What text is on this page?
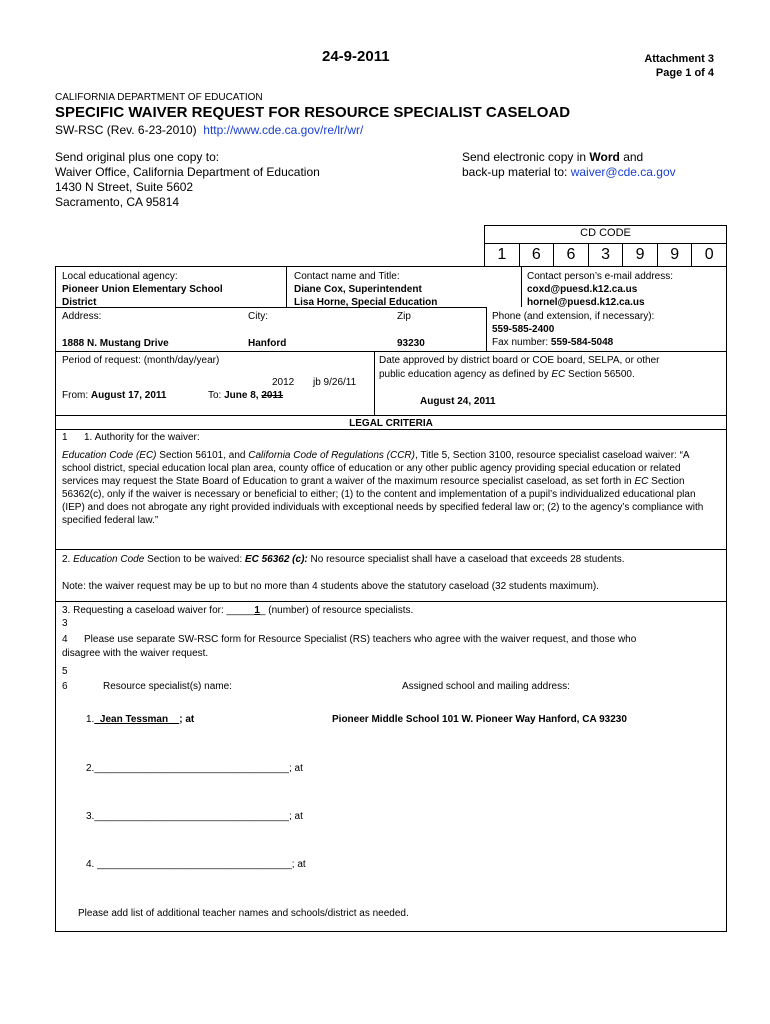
24-9-2011	Attachment 3
Page 1 of 4
CALIFORNIA DEPARTMENT OF EDUCATION
SPECIFIC WAIVER REQUEST FOR RESOURCE SPECIALIST CASELOAD
SW-RSC (Rev. 6-23-2010) http://www.cde.ca.gov/re/lr/wr/
Send original plus one copy to:
Waiver Office, California Department of Education
1430 N Street, Suite 5602
Sacramento, CA 95814
Send electronic copy in Word and
back-up material to: waiver@cde.ca.gov
CD CODE
1	6	6	3	9	9	0
Local educational agency:
Pioneer Union Elementary School
District
Contact name and Title:
Diane Cox, Superintendent
Lisa Horne, Special Education
Contact person’s e-mail address:
coxd@puesd.k12.ca.us
hornel@puesd.k12.ca.us
Address:	City:	Zip
1888 N. Mustang Drive	Hanford	93230
Phone (and extension, if necessary):
559-585-2400
Fax number: 559-584-5048
Period of request: (month/day/year)
2012 jb 9/26/11
From: August 17, 2011	To: June 8, 2011
Date approved by district board or COE board, SELPA, or other
public education agency as defined by EC Section 56500.
August 24, 2011
LEGAL CRITERIA
1 1. Authority for the waiver:
Education Code (EC) Section 56101, and California Code of Regulations (CCR), Title 5, Section 3100, resource specialist caseload waiver: “A school district, special education local plan area, county office of education or any other public agency providing special education or related services may request the State Board of Education to grant a waiver of the maximum resource specialist caseload, as set forth in EC Section 56362(c), only if the waiver is necessary or beneficial to either; (1) to the content and implementation of a pupil’s individualized educational plan (IEP) and does not abrogate any right provided individuals with exceptional needs by specified federal law or; (2) to the agency’s compliance with specified federal law.”
2. Education Code Section to be waived: EC 56362 (c): No resource specialist shall have a caseload that exceeds 28 students.
Note: the waiver request may be up to but no more than 4 students above the statutory caseload (32 students maximum).
3. Requesting a caseload waiver for: _____1_ (number) of resource specialists.
3
4 Please use separate SW-RSC form for Resource Specialist (RS) teachers who agree with the waiver request, and those who
disagree with the waiver request.
5
6	Resource specialist(s) name:	Assigned school and mailing address:
1._Jean Tessman__; at	Pioneer Middle School 101 W. Pioneer Way Hanford, CA 93230
2.___________________________________; at
3.___________________________________; at
4. ___________________________________; at
Please add list of additional teacher names and schools/district as needed.
